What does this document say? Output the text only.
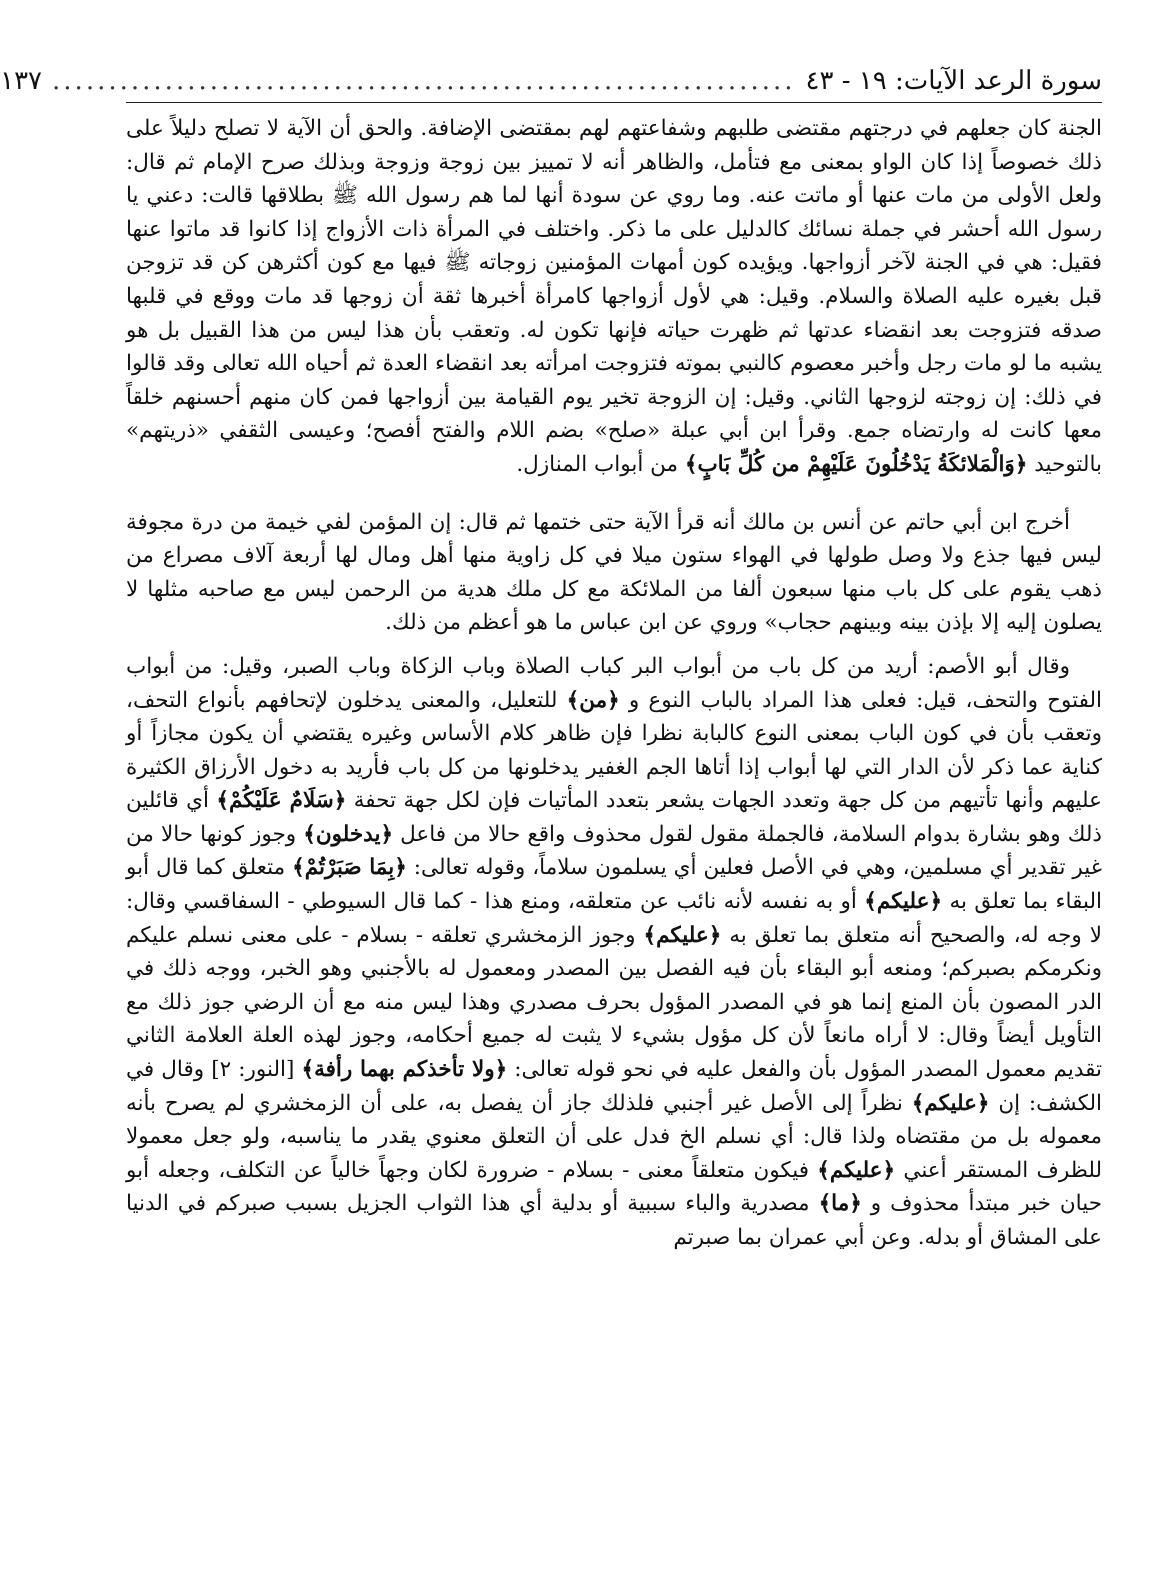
سورة الرعد الآيات: ١٩ - ٤٣
..................................................................
١٣٧

الجنة كان جعلهم في درجتهم مقتضى طلبهم وشفاعتهم لهم بمقتضى الإضافة. والحق أن الآية لا تصلح دليلاً على ذلك خصوصاً إذا كان الواو بمعنى مع فتأمل، والظاهر أنه لا تمييز بين زوجة وزوجة وبذلك صرح الإمام ثم قال: ولعل الأولى من مات عنها أو ماتت عنه. وما روي عن سودة أنها لما هم رسول الله ﷺ بطلاقها قالت: دعني يا رسول الله أحشر في جملة نسائك كالدليل على ما ذكر. واختلف في المرأة ذات الأزواج إذا كانوا قد ماتوا عنها فقيل: هي في الجنة لآخر أزواجها. ويؤيده كون أمهات المؤمنين زوجاته ﷺ فيها مع كون أكثرهن كن قد تزوجن قبل بغيره عليه الصلاة والسلام. وقيل: هي لأول أزواجها كامرأة أخبرها ثقة أن زوجها قد مات ووقع في قلبها صدقه فتزوجت بعد انقضاء عدتها ثم ظهرت حياته فإنها تكون له. وتعقب بأن هذا ليس من هذا القبيل بل هو يشبه ما لو مات رجل وأخبر معصوم كالنبي بموته فتزوجت امرأته بعد انقضاء العدة ثم أحياه الله تعالى وقد قالوا في ذلك: إن زوجته لزوجها الثاني. وقيل: إن الزوجة تخير يوم القيامة بين أزواجها فمن كان منهم أحسنهم خلقاً معها كانت له وارتضاه جمع. وقرأ ابن أبي عبلة «صلح» بضم اللام والفتح أفصح؛ وعيسى الثقفي «ذريتهم» بالتوحيد ﴿وَالْمَلائكَةُ يَدْخُلُونَ عَلَيْهِمْ من كُلِّ بَابٍ﴾ من أبواب المنازل.

أخرج ابن أبي حاتم عن أنس بن مالك أنه قرأ الآية حتى ختمها ثم قال: إن المؤمن لفي خيمة من درة مجوفة ليس فيها جذع ولا وصل طولها في الهواء ستون ميلا في كل زاوية منها أهل ومال لها أربعة آلاف مصراع من ذهب يقوم على كل باب منها سبعون ألفا من الملائكة مع كل ملك هدية من الرحمن ليس مع صاحبه مثلها لا يصلون إليه إلا بإذن بينه وبينهم حجاب» وروي عن ابن عباس ما هو أعظم من ذلك.

وقال أبو الأصم: أريد من كل باب من أبواب البر كباب الصلاة وباب الزكاة وباب الصبر، وقيل: من أبواب الفتوح والتحف، قيل: فعلى هذا المراد بالباب النوع و ﴿من﴾ للتعليل، والمعنى يدخلون لإتحافهم بأنواع التحف، وتعقب بأن في كون الباب بمعنى النوع كالبابة نظرا فإن ظاهر كلام الأساس وغيره يقتضي أن يكون مجازاً أو كناية عما ذكر لأن الدار التي لها أبواب إذا أتاها الجم الغفير يدخلونها من كل باب فأريد به دخول الأرزاق الكثيرة عليهم وأنها تأتيهم من كل جهة وتعدد الجهات يشعر بتعدد المأتيات فإن لكل جهة تحفة ﴿سَلَامٌ عَلَيْكُمْ﴾ أي قائلين ذلك وهو بشارة بدوام السلامة، فالجملة مقول لقول محذوف واقع حالا من فاعل ﴿يدخلون﴾ وجوز كونها حالا من غير تقدير أي مسلمين، وهي في الأصل فعلين أي يسلمون سلاماً، وقوله تعالى: ﴿بِمَا صَبَرْتُمْ﴾ متعلق كما قال أبو البقاء بما تعلق به ﴿عليكم﴾ أو به نفسه لأنه نائب عن متعلقه، ومنع هذا - كما قال السيوطي - السفاقسي وقال: لا وجه له، والصحيح أنه متعلق بما تعلق به ﴿عليكم﴾ وجوز الزمخشري تعلقه - بسلام - على معنى نسلم عليكم ونكرمكم بصبركم؛ ومنعه أبو البقاء بأن فيه الفصل بين المصدر ومعمول له بالأجنبي وهو الخبر، ووجه ذلك في الدر المصون بأن المنع إنما هو في المصدر المؤول بحرف مصدري وهذا ليس منه مع أن الرضي جوز ذلك مع التأويل أيضاً وقال: لا أراه مانعاً لأن كل مؤول بشيء لا يثبت له جميع أحكامه، وجوز لهذه العلة العلامة الثاني تقديم معمول المصدر المؤول بأن والفعل عليه في نحو قوله تعالى: ﴿ولا تأخذكم بهما رأفة﴾ [النور: ٢] وقال في الكشف: إن ﴿عليكم﴾ نظراً إلى الأصل غير أجنبي فلذلك جاز أن يفصل به، على أن الزمخشري لم يصرح بأنه معموله بل من مقتضاه ولذا قال: أي نسلم الخ فدل على أن التعلق معنوي يقدر ما يناسبه، ولو جعل معمولا للظرف المستقر أعني ﴿عليكم﴾ فيكون متعلقاً معنى - بسلام - ضرورة لكان وجهاً خالياً عن التكلف، وجعله أبو حيان خبر مبتدأ محذوف و ﴿ما﴾ مصدرية والباء سببية أو بدلية أي هذا الثواب الجزيل بسبب صبركم في الدنيا على المشاق أو بدله. وعن أبي عمران بما صبرتم
